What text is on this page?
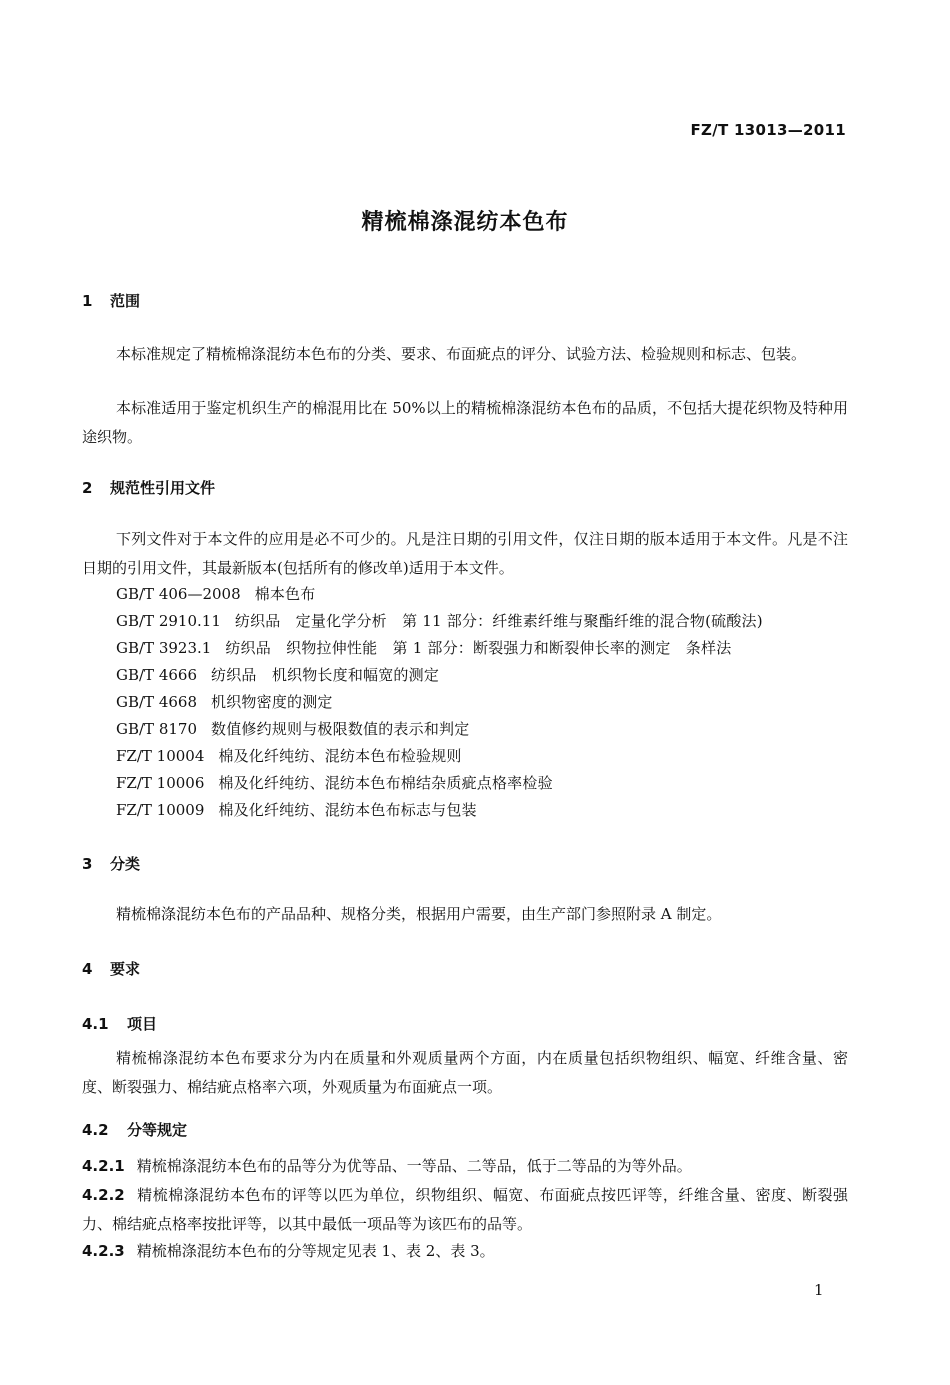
FZ/T 13013—2011
精梳棉涤混纺本色布
1 范围
本标准规定了精梳棉涤混纺本色布的分类、要求、布面疵点的评分、试验方法、检验规则和标志、包装。
本标准适用于鉴定机织生产的棉混用比在 50%以上的精梳棉涤混纺本色布的品质，不包括大提花织物及特种用途织物。
2 规范性引用文件
下列文件对于本文件的应用是必不可少的。凡是注日期的引用文件，仅注日期的版本适用于本文件。凡是不注日期的引用文件，其最新版本(包括所有的修改单)适用于本文件。
GB/T 406—2008 棉本色布
GB/T 2910.11 纺织品　定量化学分析　第 11 部分：纤维素纤维与聚酯纤维的混合物(硫酸法)
GB/T 3923.1 纺织品　织物拉伸性能　第 1 部分：断裂强力和断裂伸长率的测定　条样法
GB/T 4666 纺织品　机织物长度和幅宽的测定
GB/T 4668 机织物密度的测定
GB/T 8170 数值修约规则与极限数值的表示和判定
FZ/T 10004 棉及化纤纯纺、混纺本色布检验规则
FZ/T 10006 棉及化纤纯纺、混纺本色布棉结杂质疵点格率检验
FZ/T 10009 棉及化纤纯纺、混纺本色布标志与包装
3 分类
精梳棉涤混纺本色布的产品品种、规格分类，根据用户需要，由生产部门参照附录 A 制定。
4 要求
4.1 项目
精梳棉涤混纺本色布要求分为内在质量和外观质量两个方面，内在质量包括织物组织、幅宽、纤维含量、密度、断裂强力、棉结疵点格率六项，外观质量为布面疵点一项。
4.2 分等规定
4.2.1 精梳棉涤混纺本色布的品等分为优等品、一等品、二等品，低于二等品的为等外品。
4.2.2 精梳棉涤混纺本色布的评等以匹为单位，织物组织、幅宽、布面疵点按匹评等，纤维含量、密度、断裂强力、棉结疵点格率按批评等，以其中最低一项品等为该匹布的品等。
4.2.3 精梳棉涤混纺本色布的分等规定见表 1、表 2、表 3。
1
